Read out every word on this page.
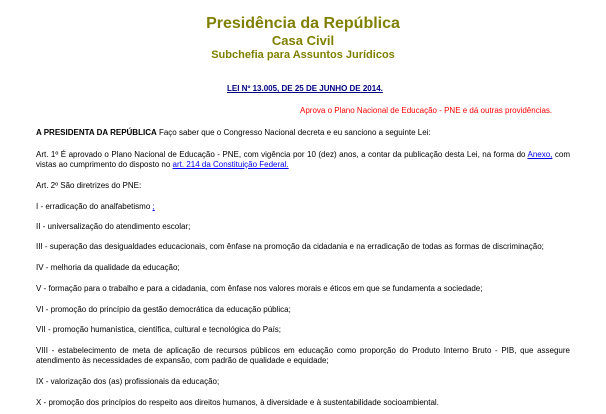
Presidência da República
Casa Civil
Subchefia para Assuntos Jurídicos
LEI Nº 13.005, DE 25 DE JUNHO DE 2014.
Aprova o Plano Nacional de Educação - PNE e dá outras providências.
A PRESIDENTA DA REPÚBLICA Faço saber que o Congresso Nacional decreta e eu sanciono a seguinte Lei:
Art. 1º É aprovado o Plano Nacional de Educação - PNE, com vigência por 10 (dez) anos, a contar da publicação desta Lei, na forma do Anexo, com vistas ao cumprimento do disposto no art. 214 da Constituição Federal.
Art. 2º São diretrizes do PNE:
I - erradicação do analfabetismo ;
II - universalização do atendimento escolar;
III - superação das desigualdades educacionais, com ênfase na promoção da cidadania e na erradicação de todas as formas de discriminação;
IV - melhoria da qualidade da educação;
V - formação para o trabalho e para a cidadania, com ênfase nos valores morais e éticos em que se fundamenta a sociedade;
VI - promoção do princípio da gestão democrática da educação pública;
VII - promoção humanística, científica, cultural e tecnológica do País;
VIII - estabelecimento de meta de aplicação de recursos públicos em educação como proporção do Produto Interno Bruto - PIB, que assegure atendimento às necessidades de expansão, com padrão de qualidade e equidade;
IX - valorização dos (as) profissionais da educação;
X - promoção dos princípios do respeito aos direitos humanos, à diversidade e à sustentabilidade socioambiental.
